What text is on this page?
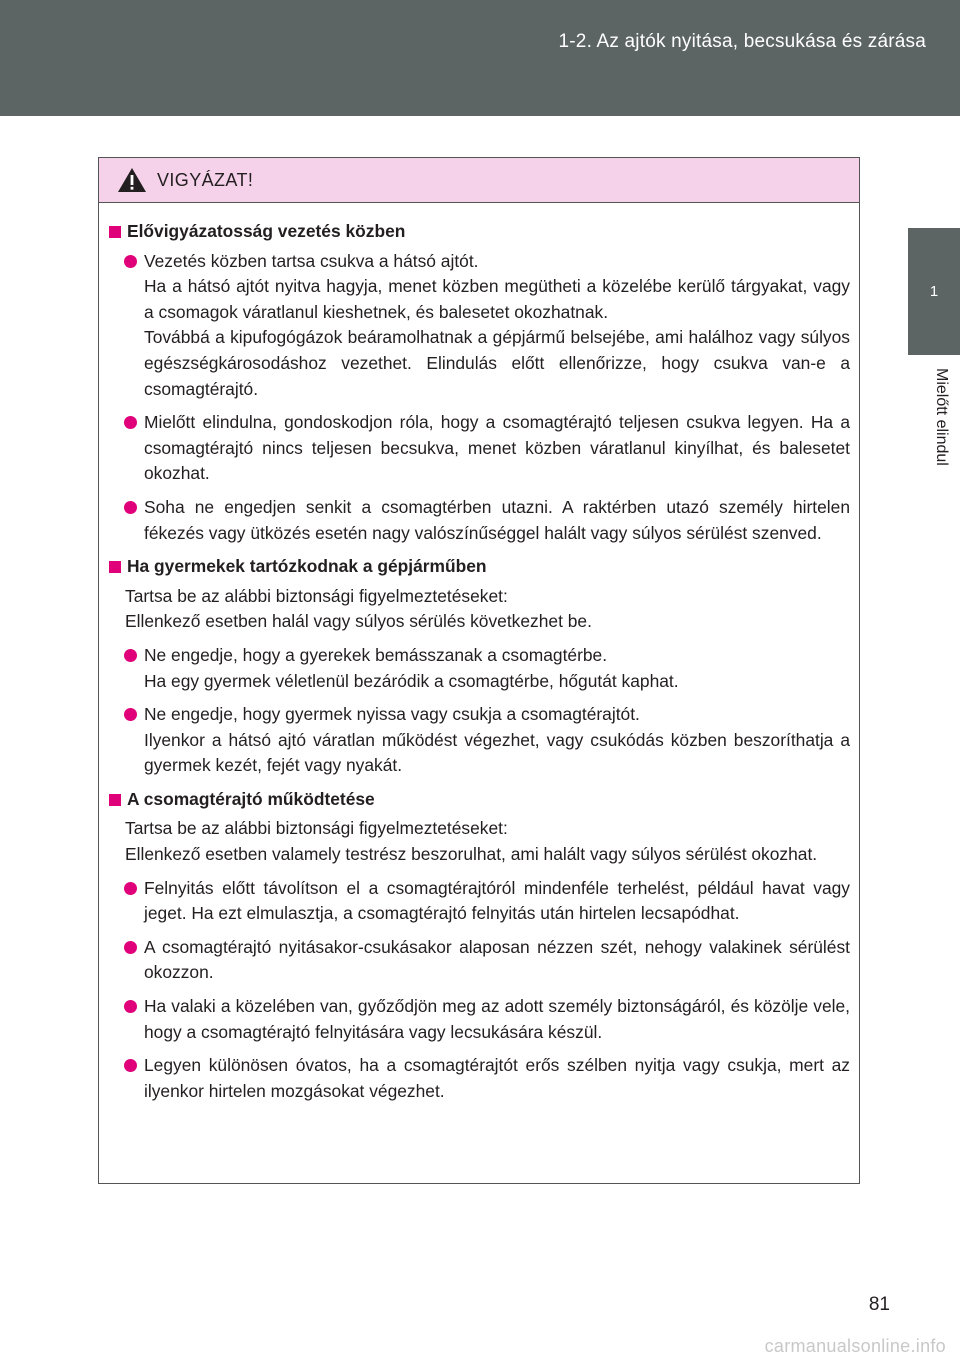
1-2. Az ajtók nyitása, becsukása és zárása
1
Mielőtt elindul
VIGYÁZAT!
Elővigyázatosság vezetés közben
Vezetés közben tartsa csukva a hátsó ajtót.
Ha a hátsó ajtót nyitva hagyja, menet közben megütheti a közelébe kerülő tárgyakat, vagy a csomagok váratlanul kieshetnek, és balesetet okozhatnak.
Továbbá a kipufogógázok beáramolhatnak a gépjármű belsejébe, ami halálhoz vagy súlyos egészségkárosodáshoz vezethet. Elindulás előtt ellenőrizze, hogy csukva van-e a csomagtérajtó.
Mielőtt elindulna, gondoskodjon róla, hogy a csomagtérajtó teljesen csukva legyen. Ha a csomagtérajtó nincs teljesen becsukva, menet közben váratlanul kinyílhat, és balesetet okozhat.
Soha ne engedjen senkit a csomagtérben utazni. A raktérben utazó személy hirtelen fékezés vagy ütközés esetén nagy valószínűséggel halált vagy súlyos sérülést szenved.
Ha gyermekek tartózkodnak a gépjárműben
Tartsa be az alábbi biztonsági figyelmeztetéseket:
Ellenkező esetben halál vagy súlyos sérülés következhet be.
Ne engedje, hogy a gyerekek bemásszanak a csomagtérbe.
Ha egy gyermek véletlenül bezáródik a csomagtérbe, hőgutát kaphat.
Ne engedje, hogy gyermek nyissa vagy csukja a csomagtérajtót.
Ilyenkor a hátsó ajtó váratlan működést végezhet, vagy csukódás közben beszoríthatja a gyermek kezét, fejét vagy nyakát.
A csomagtérajtó működtetése
Tartsa be az alábbi biztonsági figyelmeztetéseket:
Ellenkező esetben valamely testrész beszorulhat, ami halált vagy súlyos sérülést okozhat.
Felnyitás előtt távolítson el a csomagtérajtóról mindenféle terhelést, például havat vagy jeget. Ha ezt elmulasztja, a csomagtérajtó felnyitás után hirtelen lecsapódhat.
A csomagtérajtó nyitásakor-csukásakor alaposan nézzen szét, nehogy valakinek sérülést okozzon.
Ha valaki a közelében van, győződjön meg az adott személy biztonságáról, és közölje vele, hogy a csomagtérajtó felnyitására vagy lecsukására készül.
Legyen különösen óvatos, ha a csomagtérajtót erős szélben nyitja vagy csukja, mert az ilyenkor hirtelen mozgásokat végezhet.
81
carmanualsonline.info
